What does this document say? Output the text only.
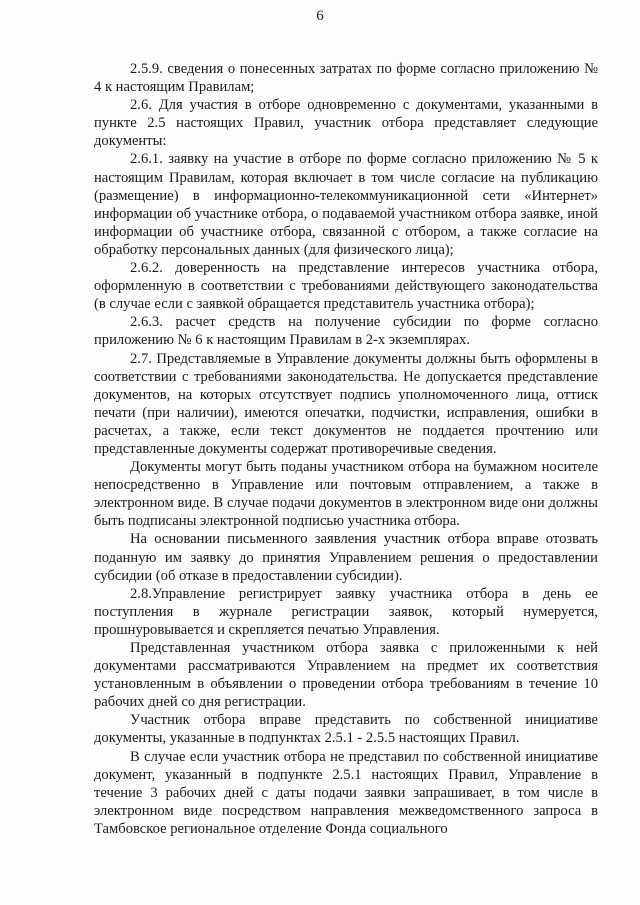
6

2.5.9. сведения о понесенных затратах по форме согласно приложению № 4 к настоящим Правилам;

2.6. Для участия в отборе одновременно с документами, указанными в пункте 2.5 настоящих Правил, участник отбора представляет следующие документы:

2.6.1. заявку на участие в отборе по форме согласно приложению № 5 к настоящим Правилам, которая включает в том числе согласие на публикацию (размещение) в информационно-телекоммуникационной сети «Интернет» информации об участнике отбора, о подаваемой участником отбора заявке, иной информации об участнике отбора, связанной с отбором, а также согласие на обработку персональных данных (для физического лица);

2.6.2. доверенность на представление интересов участника отбора, оформленную в соответствии с требованиями действующего законодательства (в случае если с заявкой обращается представитель участника отбора);

2.6.3. расчет средств на получение субсидии по форме согласно приложению № 6 к настоящим Правилам в 2-х экземплярах.

2.7. Представляемые в Управление документы должны быть оформлены в соответствии с требованиями законодательства. Не допускается представление документов, на которых отсутствует подпись уполномоченного лица, оттиск печати (при наличии), имеются опечатки, подчистки, исправления, ошибки в расчетах, а также, если текст документов не поддается прочтению или представленные документы содержат противоречивые сведения.

Документы могут быть поданы участником отбора на бумажном носителе непосредственно в Управление или почтовым отправлением, а также в электронном виде. В случае подачи документов в электронном виде они должны быть подписаны электронной подписью участника отбора.

На основании письменного заявления участник отбора вправе отозвать поданную им заявку до принятия Управлением решения о предоставлении субсидии (об отказе в предоставлении субсидии).

2.8.Управление регистрирует заявку участника отбора в день ее поступления в журнале регистрации заявок, который нумеруется, прошнуровывается и скрепляется печатью Управления.

Представленная участником отбора заявка с приложенными к ней документами рассматриваются Управлением на предмет их соответствия установленным в объявлении о проведении отбора требованиям в течение 10 рабочих дней со дня регистрации.

Участник отбора вправе представить по собственной инициативе документы, указанные в подпунктах 2.5.1 - 2.5.5 настоящих Правил.

В случае если участник отбора не представил по собственной инициативе документ, указанный в подпункте 2.5.1 настоящих Правил, Управление в течение 3 рабочих дней с даты подачи заявки запрашивает, в том числе в электронном виде посредством направления межведомственного запроса в Тамбовское региональное отделение Фонда социального
